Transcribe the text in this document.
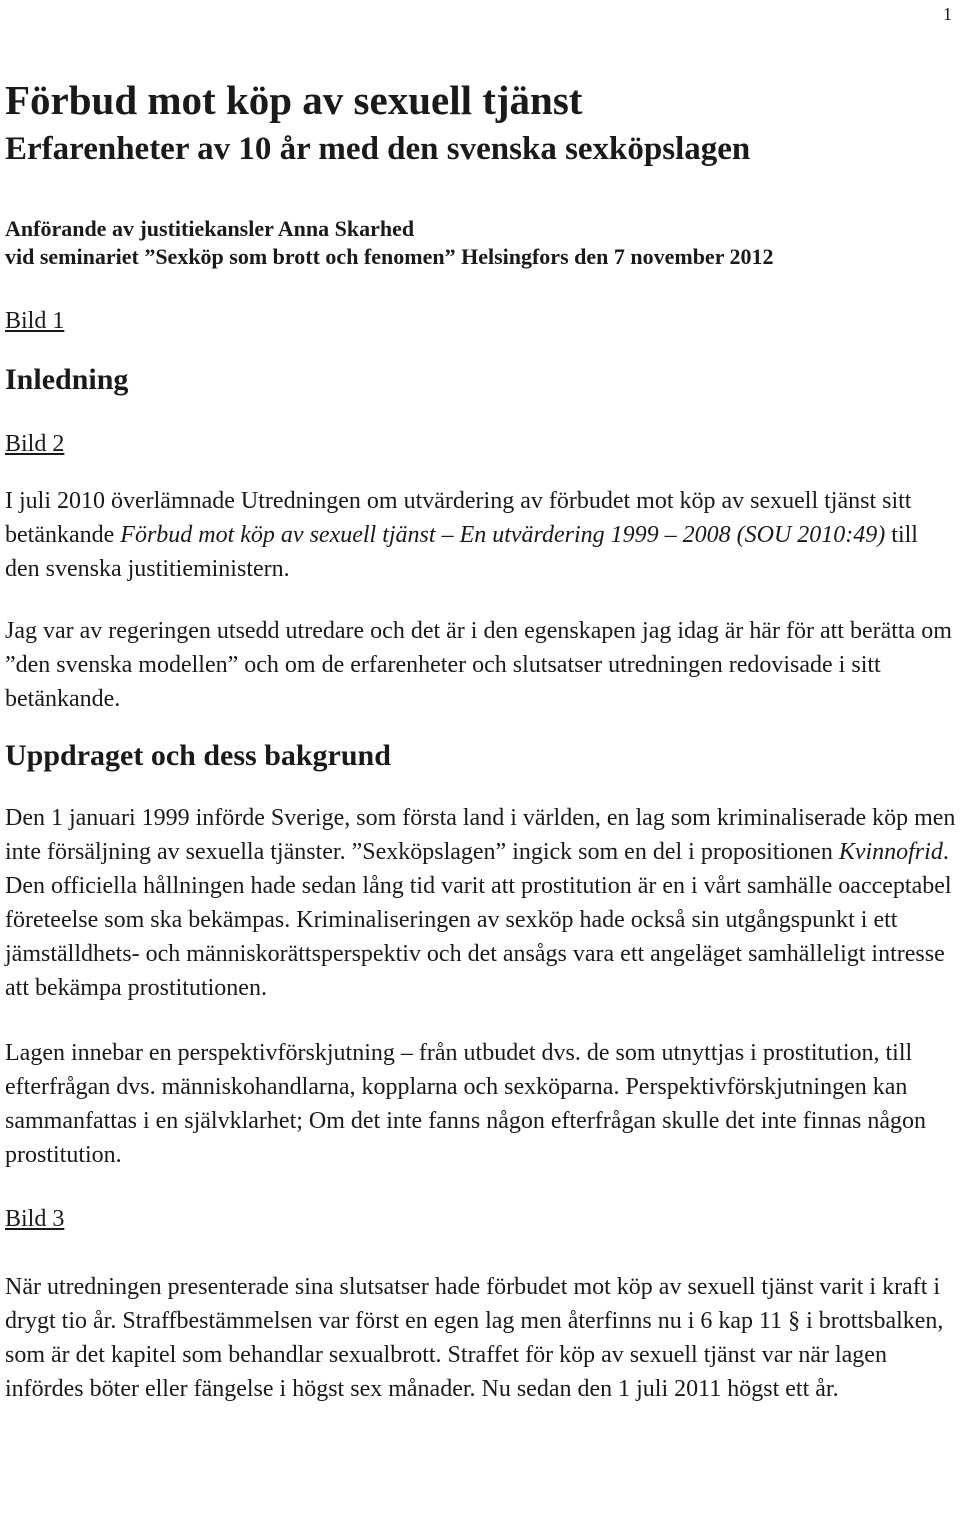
1
Förbud mot köp av sexuell tjänst
Erfarenheter av 10 år med den svenska sexköpslagen
Anförande av justitiekansler Anna Skarhed
vid seminariet ”Sexköp som brott och fenomen” Helsingfors den 7 november 2012

Bild 1

Inledning

Bild 2

I juli 2010 överlämnade Utredningen om utvärdering av förbudet mot köp av sexuell tjänst sitt betänkande Förbud mot köp av sexuell tjänst – En utvärdering 1999 – 2008 (SOU 2010:49) till den svenska justitieministern.

Jag var av regeringen utsedd utredare och det är i den egenskapen jag idag är här för att berätta om ”den svenska modellen” och om de erfarenheter och slutsatser utredningen redovisade i sitt betänkande.

Uppdraget och dess bakgrund

Den 1 januari 1999 införde Sverige, som första land i världen, en lag som kriminaliserade köp men inte försäljning av sexuella tjänster. ”Sexköpslagen” ingick som en del i propositionen Kvinnofrid. Den officiella hållningen hade sedan lång tid varit att prostitution är en i vårt samhälle oacceptabel företeelse som ska bekämpas. Kriminaliseringen av sexköp hade också sin utgångspunkt i ett jämställdhets- och människorättsperspektiv och det ansågs vara ett angeläget samhälleligt intresse att bekämpa prostitutionen.

Lagen innebar en perspektivförskjutning – från utbudet dvs. de som utnyttjas i prostitution, till efterfrågan dvs. människohandlarna, kopplarna och sexköparna. Perspektivförskjutningen kan sammanfattas i en självklarhet; Om det inte fanns någon efterfrågan skulle det inte finnas någon prostitution.

Bild 3

När utredningen presenterade sina slutsatser hade förbudet mot köp av sexuell tjänst varit i kraft i drygt tio år. Straffbestämmelsen var först en egen lag men återfinns nu i 6 kap 11 § i brottsbalken, som är det kapitel som behandlar sexualbrott. Straffet för köp av sexuell tjänst var när lagen infördes böter eller fängelse i högst sex månader. Nu sedan den 1 juli 2011 högst ett år.
